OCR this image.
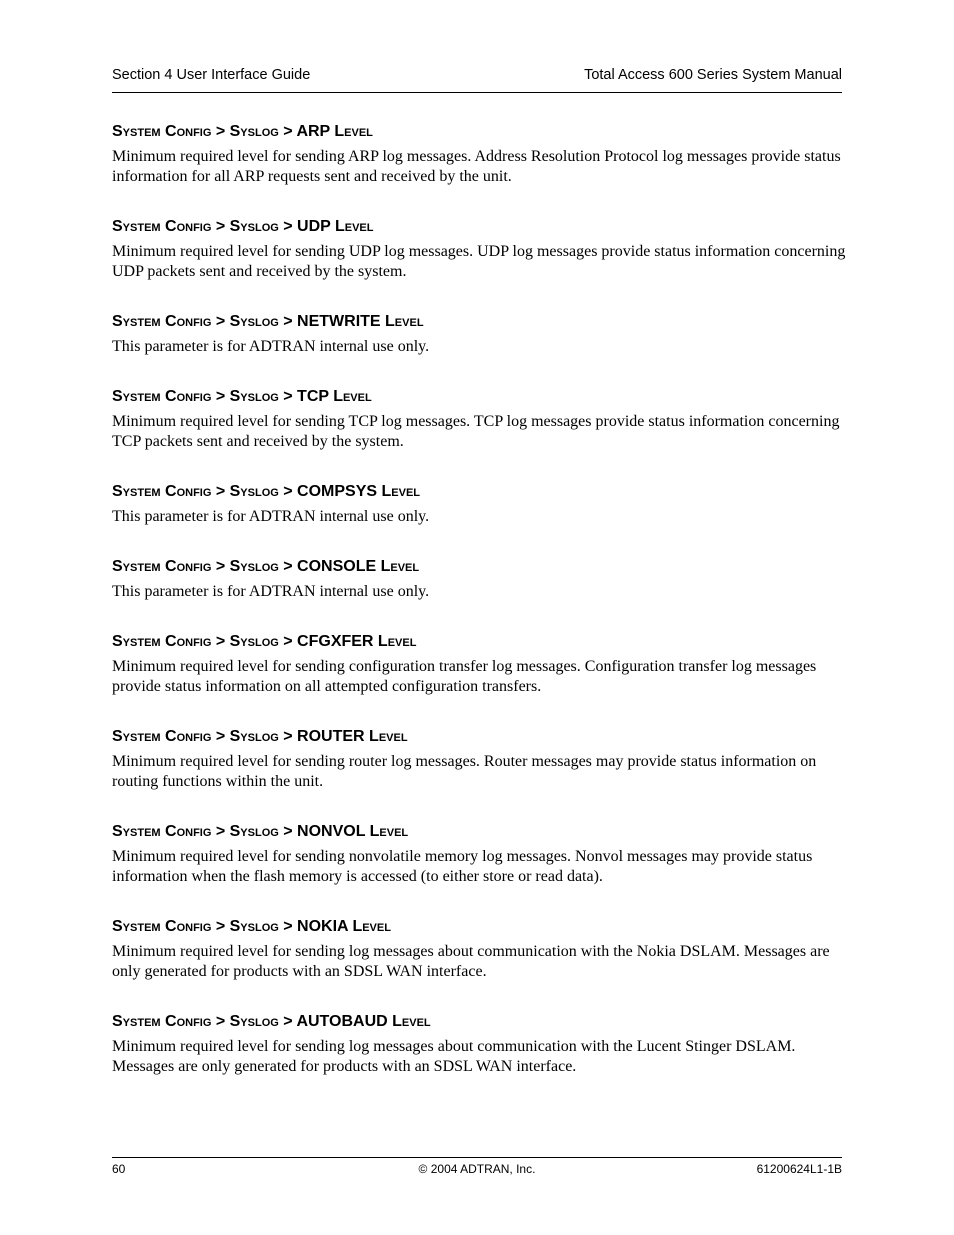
Section 4 User Interface Guide	Total Access 600 Series System Manual
System Config > Syslog > ARP Level

Minimum required level for sending ARP log messages. Address Resolution Protocol log messages provide status information for all ARP requests sent and received by the unit.

System Config > Syslog > UDP Level

Minimum required level for sending UDP log messages. UDP log messages provide status information concerning UDP packets sent and received by the system.

System Config > Syslog > NETWRITE Level

This parameter is for ADTRAN internal use only.

System Config > Syslog > TCP Level

Minimum required level for sending TCP log messages. TCP log messages provide status information concerning TCP packets sent and received by the system.

System Config > Syslog > COMPSYS Level

This parameter is for ADTRAN internal use only.

System Config > Syslog > CONSOLE Level

This parameter is for ADTRAN internal use only.

System Config > Syslog > CFGXFER Level

Minimum required level for sending configuration transfer log messages. Configuration transfer log messages provide status information on all attempted configuration transfers.

System Config > Syslog > ROUTER Level

Minimum required level for sending router log messages. Router messages may provide status information on routing functions within the unit.

System Config > Syslog > NONVOL Level

Minimum required level for sending nonvolatile memory log messages. Nonvol messages may provide status information when the flash memory is accessed (to either store or read data).

System Config > Syslog > NOKIA Level

Minimum required level for sending log messages about communication with the Nokia DSLAM. Messages are only generated for products with an SDSL WAN interface.

System Config > Syslog > AUTOBAUD Level

Minimum required level for sending log messages about communication with the Lucent Stinger DSLAM. Messages are only generated for products with an SDSL WAN interface.

60	© 2004 ADTRAN, Inc.	61200624L1-1B
